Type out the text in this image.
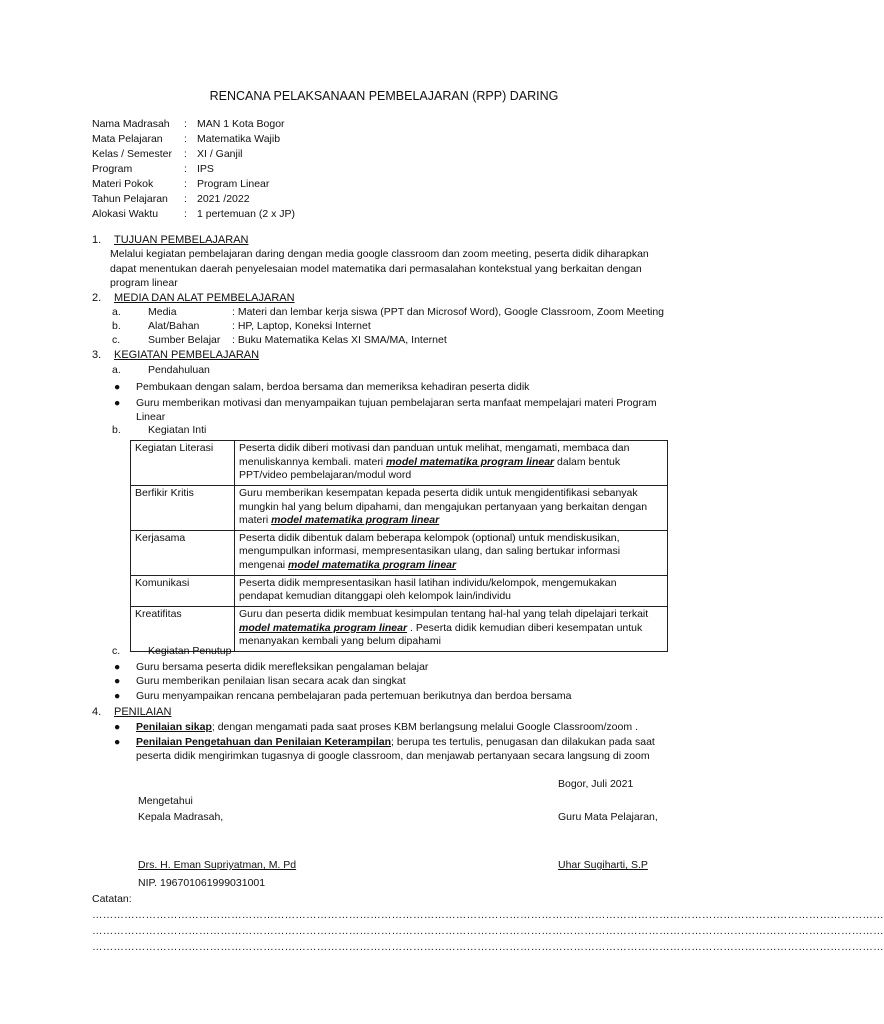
RENCANA PELAKSANAAN PEMBELAJARAN (RPP) DARING
Nama Madrasah	: MAN 1 Kota Bogor
Mata Pelajaran	: Matematika Wajib
Kelas / Semester	: XI / Ganjil
Program	: IPS
Materi Pokok	: Program Linear
Tahun Pelajaran	: 2021 /2022
Alokasi Waktu	: 1 pertemuan (2 x JP)
1. TUJUAN PEMBELAJARAN
Melalui kegiatan pembelajaran daring dengan media google classroom dan zoom meeting, peserta didik diharapkan
dapat menentukan daerah penyelesaian model matematika dari permasalahan kontekstual yang berkaitan dengan
program linear
2. MEDIA DAN ALAT PEMBELAJARAN
a.	Media	: Materi dan lembar kerja siswa (PPT dan Microsof Word), Google Classroom, Zoom Meeting
b.	Alat/Bahan	: HP, Laptop, Koneksi Internet
c.	Sumber Belajar	: Buku Matematika Kelas XI SMA/MA, Internet
3. KEGIATAN PEMBELAJARAN
a.	Pendahuluan
●	Pembukaan dengan salam, berdoa bersama dan memeriksa kehadiran peserta didik
●	Guru memberikan motivasi dan menyampaikan tujuan pembelajaran serta manfaat mempelajari materi Program
Linear
b.	Kegiatan Inti
Kegiatan Literasi	Peserta didik diberi motivasi dan panduan untuk melihat, mengamati, membaca dan
menuliskannya kembali. materi model matematika program linear dalam bentuk
PPT/video pembelajaran/modul word
Berfikir Kritis	Guru memberikan kesempatan kepada peserta didik untuk mengidentifikasi sebanyak
mungkin hal yang belum dipahami, dan mengajukan pertanyaan yang berkaitan dengan
materi model matematika program linear
Kerjasama	Peserta didik dibentuk dalam beberapa kelompok (optional) untuk mendiskusikan,
mengumpulkan informasi, mempresentasikan ulang, dan saling bertukar informasi
mengenai model matematika program linear
Komunikasi	Peserta didik mempresentasikan hasil latihan individu/kelompok, mengemukakan
pendapat kemudian ditanggapi oleh kelompok lain/individu
Kreatifitas	Guru dan peserta didik membuat kesimpulan tentang hal-hal yang telah dipelajari terkait
model matematika program linear . Peserta didik kemudian diberi kesempatan untuk
menanyakan kembali yang belum dipahami
c.	Kegiatan Penutup
●	Guru bersama peserta didik merefleksikan pengalaman belajar
●	Guru memberikan penilaian lisan secara acak dan singkat
●	Guru menyampaikan rencana pembelajaran pada pertemuan berikutnya dan berdoa bersama
4. PENILAIAN
●	Penilaian sikap; dengan mengamati pada saat proses KBM berlangsung melalui Google Classroom/zoom .
●	Penilaian Pengetahuan dan Penilaian Keterampilan; berupa tes tertulis, penugasan dan dilakukan pada saat
peserta didik mengirimkan tugasnya di google classroom, dan menjawab pertanyaan secara langsung di zoom
Bogor, Juli 2021
Mengetahui
Kepala Madrasah,	Guru Mata Pelajaran,
Drs. H. Eman Supriyatman, M. Pd	Uhar Sugiharti, S.P
NIP. 196701061999031001
Catatan:
……………………………………………………………………………………………………………………………………………………………………………………………………
……………………………………………………………………………………………………………………………………………………………………………………………………
……………………………………………………………………………………………………………………………………………………………………………………………………
